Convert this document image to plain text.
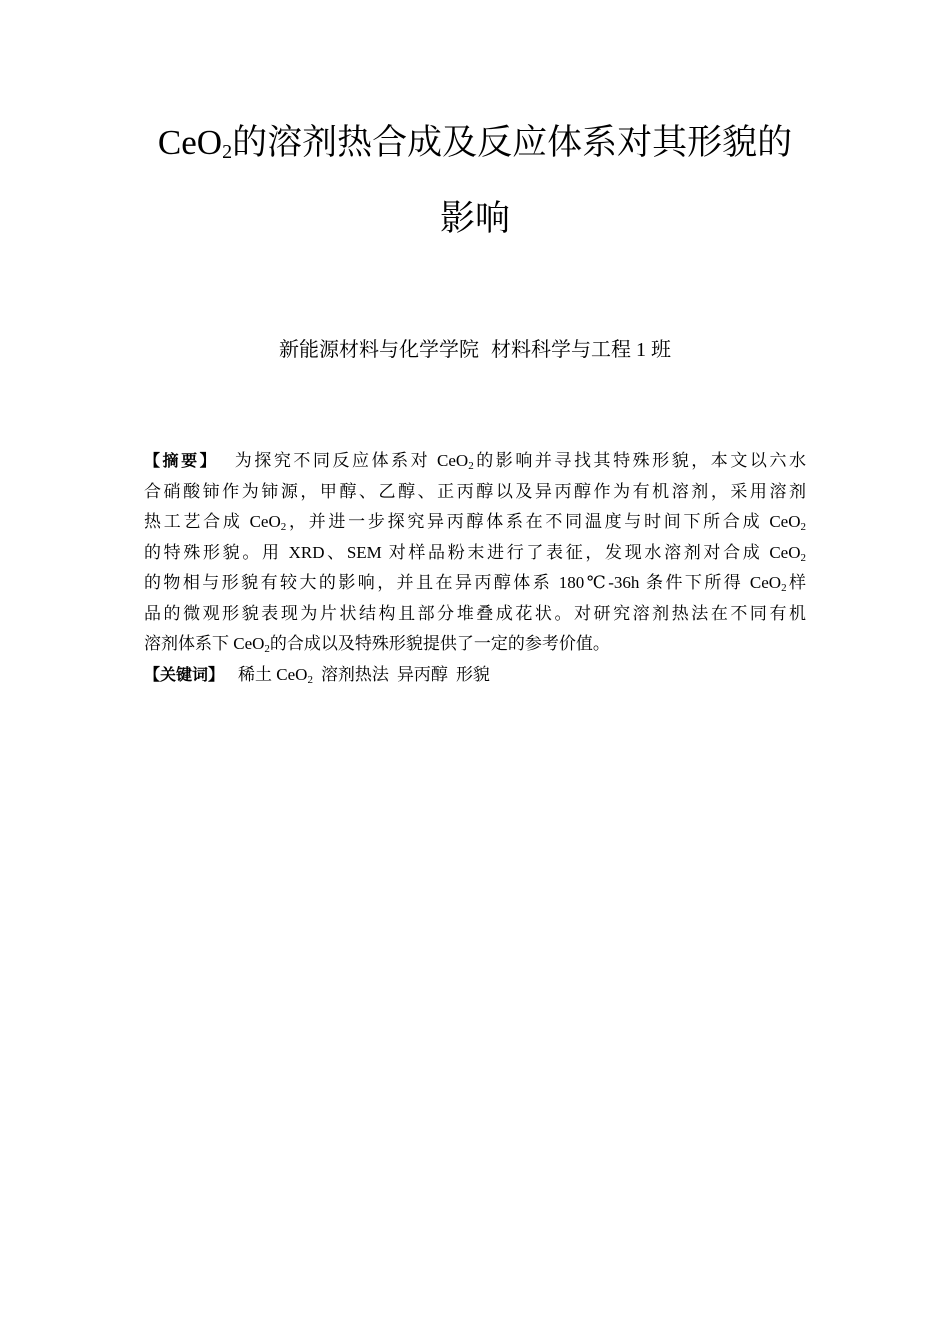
CeO$_2$的溶剂热合成及反应体系对其形貌的
影响
新能源材料与化学学院 材料科学与工程 1 班
【摘要】 为探究不同反应体系对 CeO$_2$的影响并寻找其特殊形貌，本文以六水
合硝酸铈作为铈源，甲醇、乙醇、正丙醇以及异丙醇作为有机溶剂，采用溶剂
热工艺合成 CeO$_2$，并进一步探究异丙醇体系在不同温度与时间下所合成 CeO$_2$
的特殊形貌。用 XRD、SEM 对样品粉末进行了表征，发现水溶剂对合成 CeO$_2$
的物相与形貌有较大的影响，并且在异丙醇体系 180℃-36h 条件下所得 CeO$_2$样
品的微观形貌表现为片状结构且部分堆叠成花状。对研究溶剂热法在不同有机
溶剂体系下 CeO$_2$的合成以及特殊形貌提供了一定的参考价值。
【关键词】 稀土 CeO$_2$ 溶剂热法 异丙醇 形貌
